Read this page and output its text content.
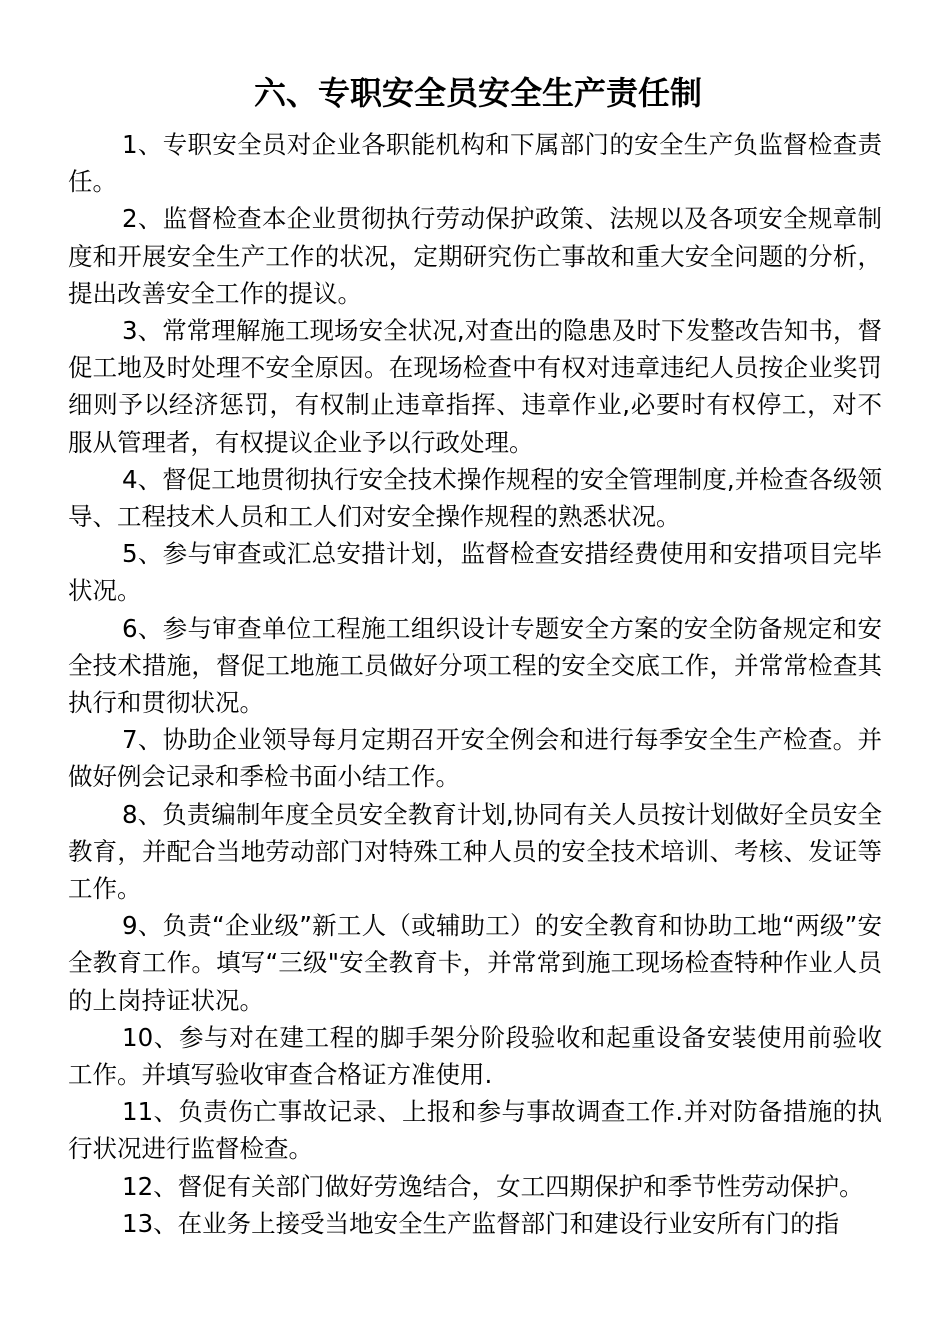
六、专职安全员安全生产责任制

1、专职安全员对企业各职能机构和下属部门的安全生产负监督检查责任。

2、监督检查本企业贯彻执行劳动保护政策、法规以及各项安全规章制度和开展安全生产工作的状况，定期研究伤亡事故和重大安全问题的分析，提出改善安全工作的提议。

3、常常理解施工现场安全状况,对查出的隐患及时下发整改告知书，督促工地及时处理不安全原因。在现场检查中有权对违章违纪人员按企业奖罚细则予以经济惩罚，有权制止违章指挥、违章作业,必要时有权停工，对不服从管理者，有权提议企业予以行政处理。

4、督促工地贯彻执行安全技术操作规程的安全管理制度,并检查各级领导、工程技术人员和工人们对安全操作规程的熟悉状况。

5、参与审查或汇总安措计划，监督检查安措经费使用和安措项目完毕状况。

6、参与审查单位工程施工组织设计专题安全方案的安全防备规定和安全技术措施，督促工地施工员做好分项工程的安全交底工作，并常常检查其执行和贯彻状况。

7、协助企业领导每月定期召开安全例会和进行每季安全生产检查。并做好例会记录和季检书面小结工作。

8、负责编制年度全员安全教育计划,协同有关人员按计划做好全员安全教育，并配合当地劳动部门对特殊工种人员的安全技术培训、考核、发证等工作。

9、负责“企业级”新工人（或辅助工）的安全教育和协助工地“两级”安全教育工作。填写“三级"安全教育卡，并常常到施工现场检查特种作业人员的上岗持证状况。

10、参与对在建工程的脚手架分阶段验收和起重设备安装使用前验收工作。并填写验收审查合格证方准使用.

11、负责伤亡事故记录、上报和参与事故调查工作.并对防备措施的执行状况进行监督检查。

12、督促有关部门做好劳逸结合，女工四期保护和季节性劳动保护。

13、在业务上接受当地安全生产监督部门和建设行业安所有门的指
